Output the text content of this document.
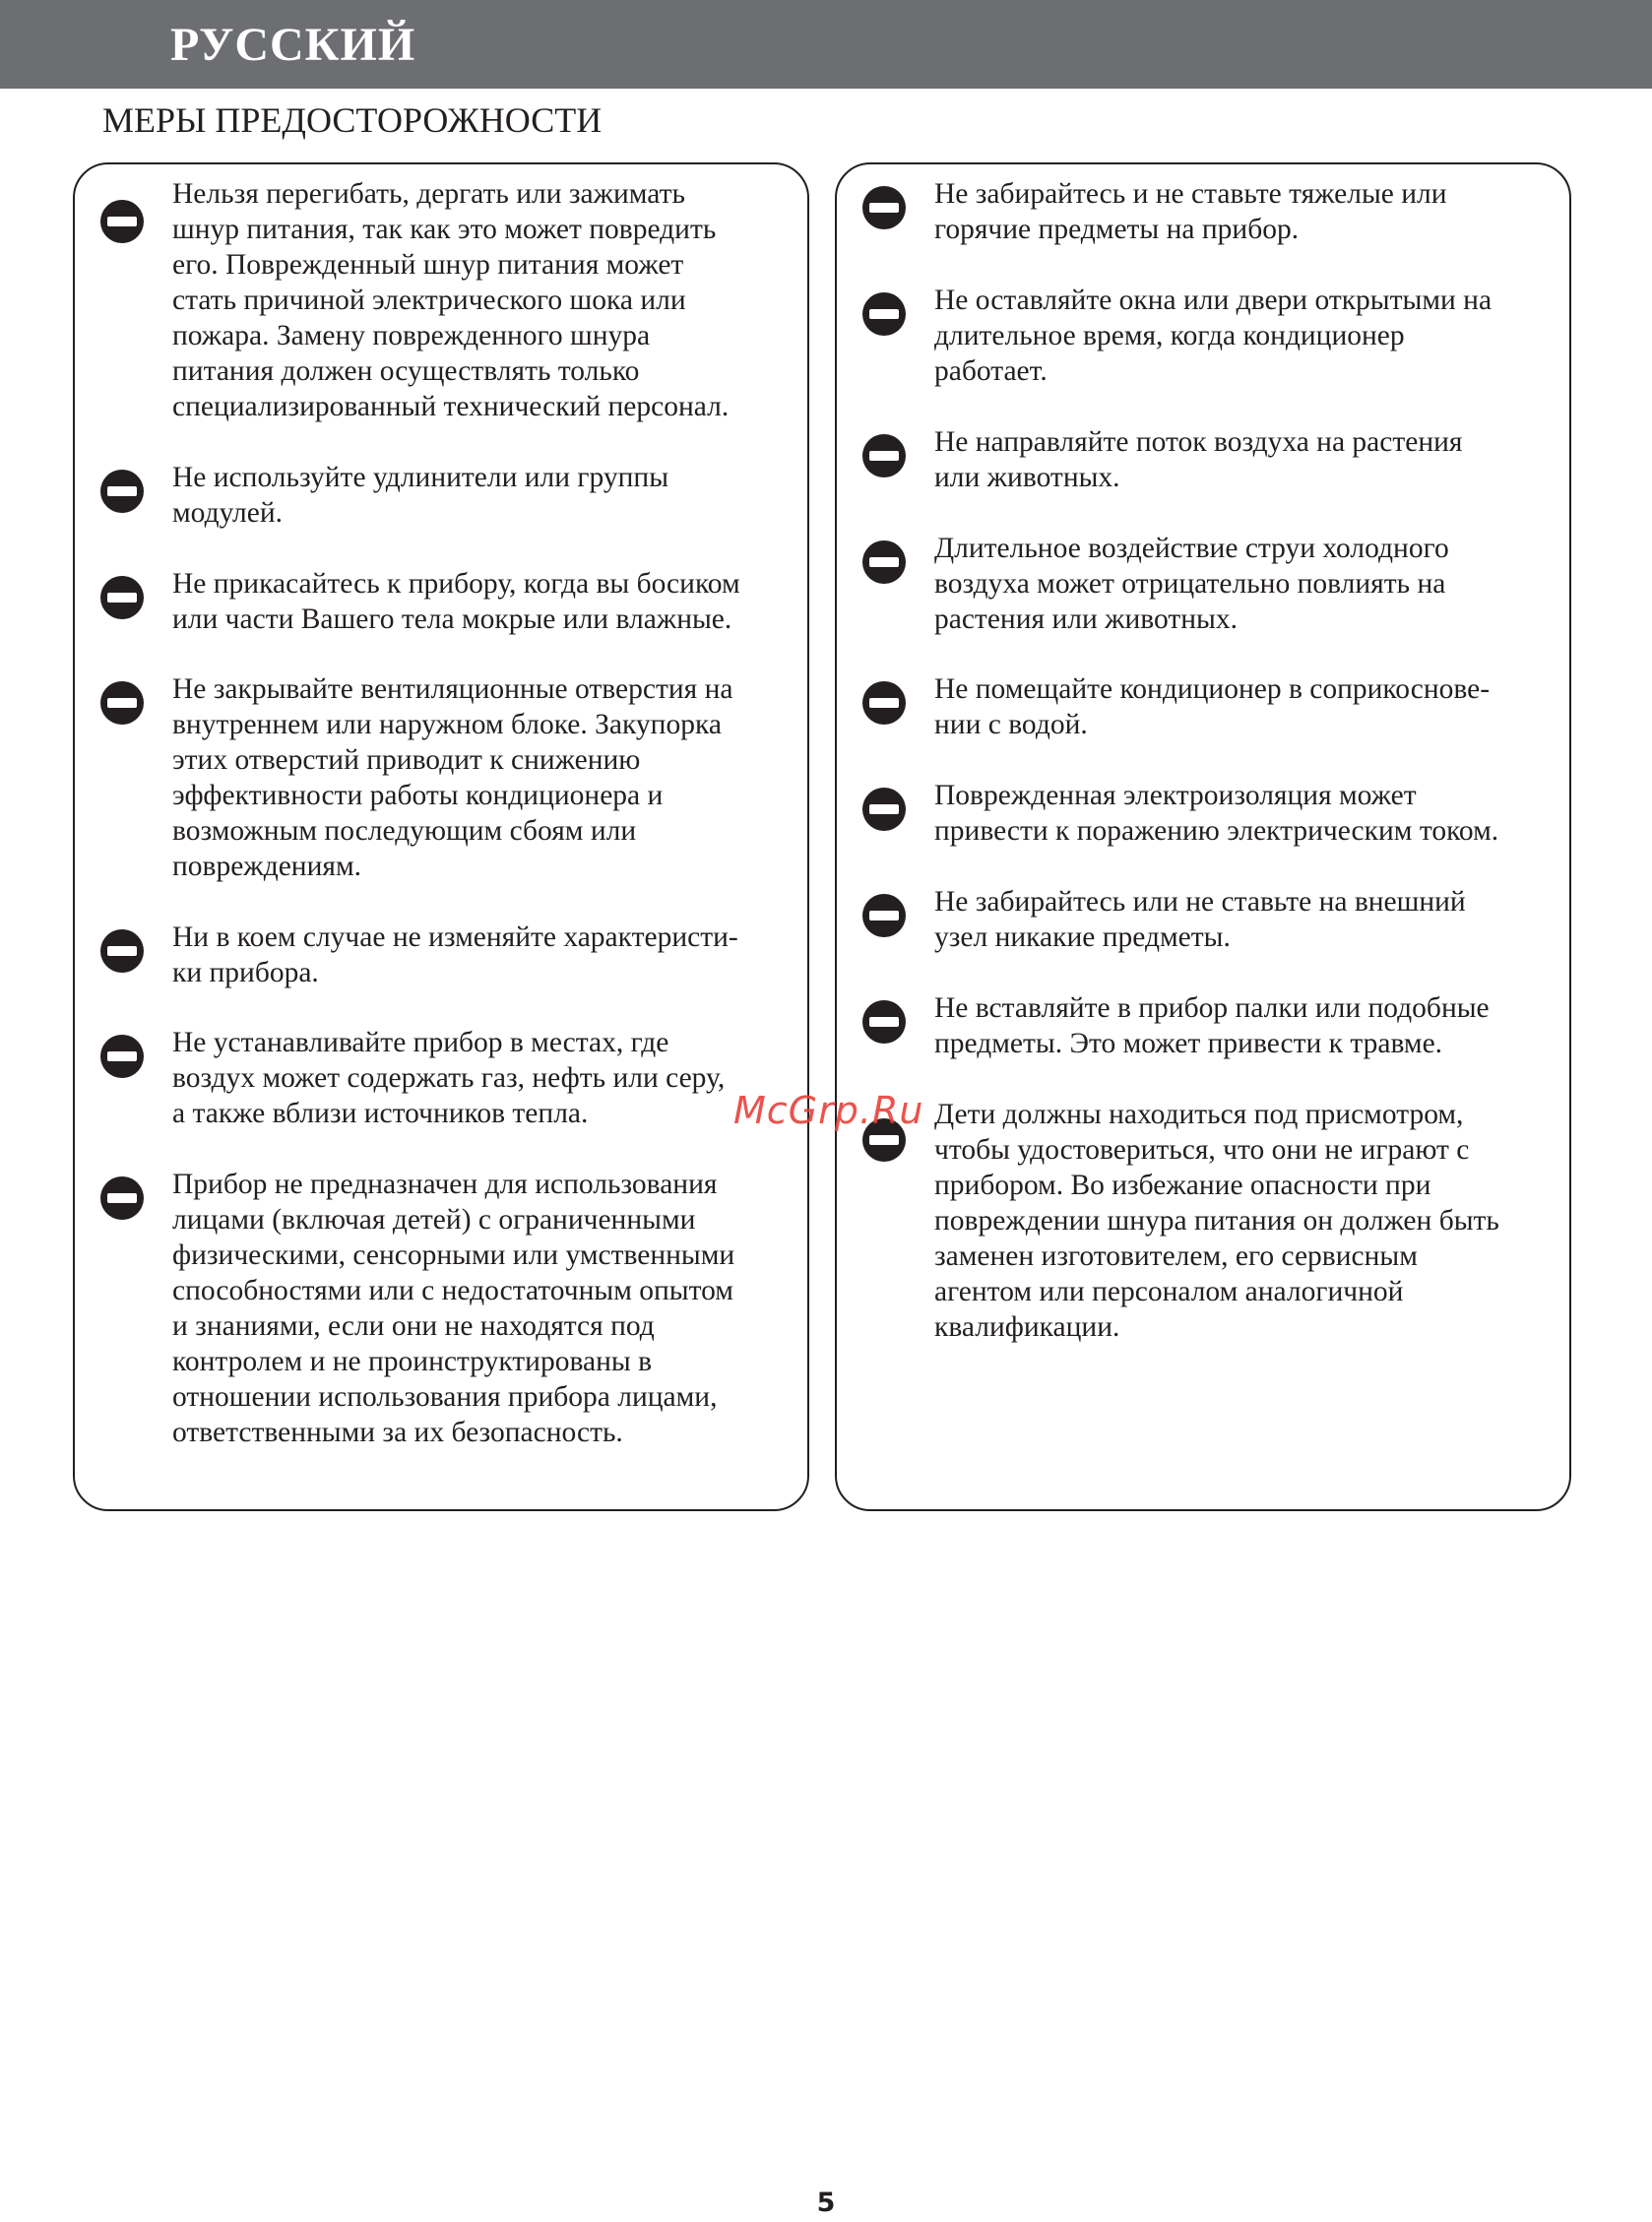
РУССКИЙ
МЕРЫ ПРЕДОСТОРОЖНОСТИ
Нельзя перегибать, дергать или зажимать
шнур питания, так как это может повредить
его. Поврежденный шнур питания может
стать причиной электрического шока или
пожара. Замену поврежденного шнура
питания должен осуществлять только
специализированный технический персонал.
Не используйте удлинители или группы
модулей.
Не прикасайтесь к прибору, когда вы босиком
или части Вашего тела мокрые или влажные.
Не закрывайте вентиляционные отверстия на
внутреннем или наружном блоке. Закупорка
этих отверстий приводит к снижению
эффективности работы кондиционера и
возможным последующим сбоям или
повреждениям.
Ни в коем случае не изменяйте характеристи-
ки прибора.
Не устанавливайте прибор в местах, где
воздух может содержать газ, нефть или серу,
а также вблизи источников тепла.
Прибор не предназначен для использования
лицами (включая детей) с ограниченными
физическими, сенсорными или умственными
способностями или с недостаточным опытом
и знаниями, если они не находятся под
контролем и не проинструктированы в
отношении использования прибора лицами,
ответственными за их безопасность.
Не забирайтесь и не ставьте тяжелые или
горячие предметы на прибор.
Не оставляйте окна или двери открытыми на
длительное время, когда кондиционер
работает.
Не направляйте поток воздуха на растения
или животных.
Длительное воздействие струи холодного
воздуха может отрицательно повлиять на
растения или животных.
Не помещайте кондиционер в соприкоснове-
нии с водой.
Поврежденная электроизоляция может
привести к поражению электрическим током.
Не забирайтесь или не ставьте на внешний
узел никакие предметы.
Не вставляйте в прибор палки или подобные
предметы. Это может привести к травме.
Дети должны находиться под присмотром,
чтобы удостовериться, что они не играют с
прибором. Во избежание опасности при
повреждении шнура питания он должен быть
заменен изготовителем, его сервисным
агентом или персоналом аналогичной
квалификации.
McGrp.Ru
5
